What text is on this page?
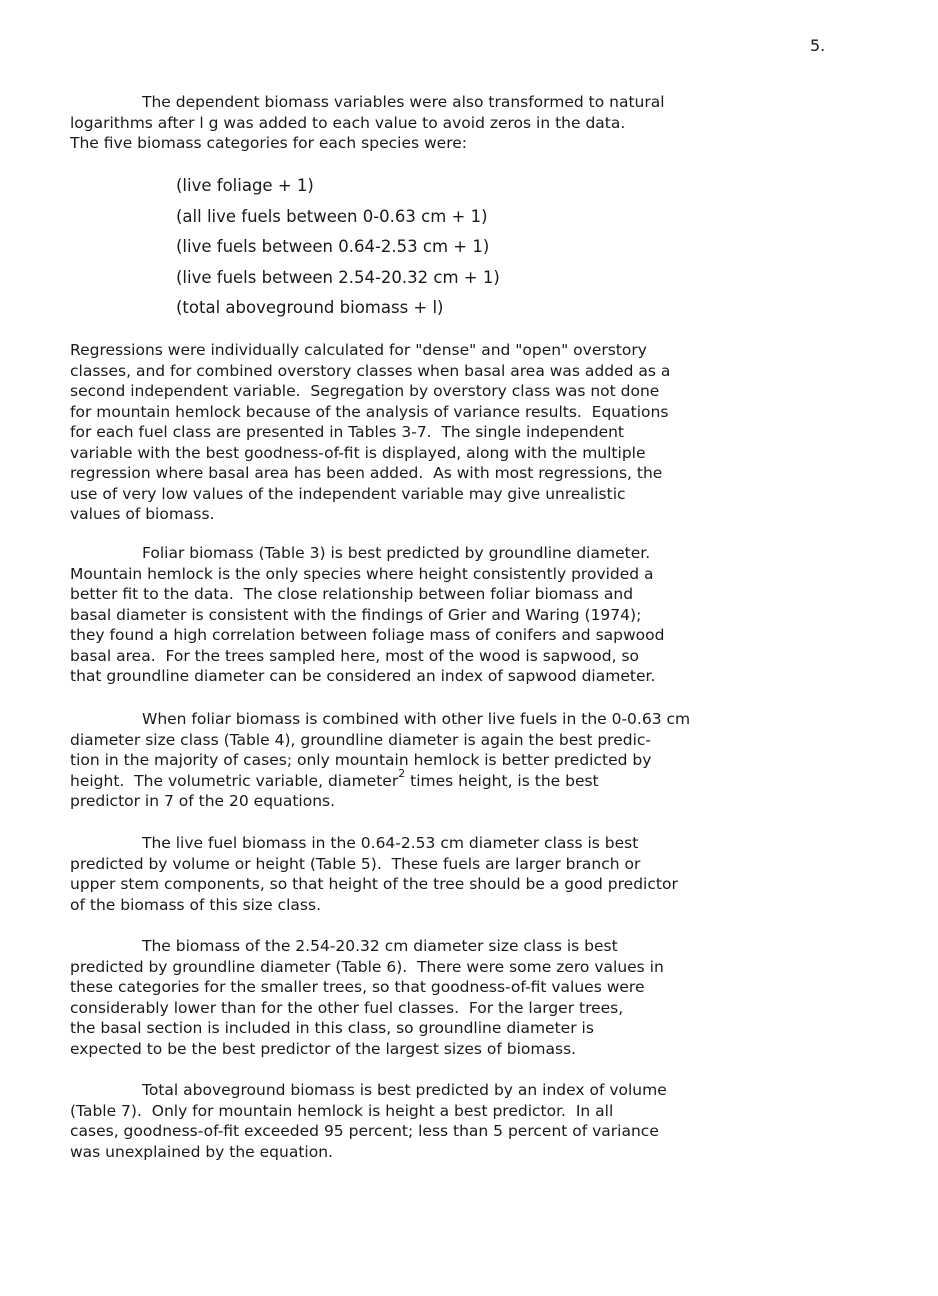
5.

The dependent biomass variables were also transformed to natural
logarithms after l g was added to each value to avoid zeros in the data.
The five biomass categories for each species were:

(live foliage + 1)
(all live fuels between 0-0.63 cm + 1)
(live fuels between 0.64-2.53 cm + 1)
(live fuels between 2.54-20.32 cm + 1)
(total aboveground biomass + l)

Regressions were individually calculated for "dense" and "open" overstory
classes, and for combined overstory classes when basal area was added as a
second independent variable.  Segregation by overstory class was not done
for mountain hemlock because of the analysis of variance results.  Equations
for each fuel class are presented in Tables 3-7.  The single independent
variable with the best goodness-of-fit is displayed, along with the multiple
regression where basal area has been added.  As with most regressions, the
use of very low values of the independent variable may give unrealistic
values of biomass.

Foliar biomass (Table 3) is best predicted by groundline diameter.
Mountain hemlock is the only species where height consistently provided a
better fit to the data.  The close relationship between foliar biomass and
basal diameter is consistent with the findings of Grier and Waring (1974);
they found a high correlation between foliage mass of conifers and sapwood
basal area.  For the trees sampled here, most of the wood is sapwood, so
that groundline diameter can be considered an index of sapwood diameter.

When foliar biomass is combined with other live fuels in the 0-0.63 cm
diameter size class (Table 4), groundline diameter is again the best predic-
tion in the majority of cases; only mountain hemlock is better predicted by
height.  The volumetric variable, diameter$^2$ times height, is the best
predictor in 7 of the 20 equations.

The live fuel biomass in the 0.64-2.53 cm diameter class is best
predicted by volume or height (Table 5).  These fuels are larger branch or
upper stem components, so that height of the tree should be a good predictor
of the biomass of this size class.

The biomass of the 2.54-20.32 cm diameter size class is best
predicted by groundline diameter (Table 6).  There were some zero values in
these categories for the smaller trees, so that goodness-of-fit values were
considerably lower than for the other fuel classes.  For the larger trees,
the basal section is included in this class, so groundline diameter is
expected to be the best predictor of the largest sizes of biomass.

Total aboveground biomass is best predicted by an index of volume
(Table 7).  Only for mountain hemlock is height a best predictor.  In all
cases, goodness-of-fit exceeded 95 percent; less than 5 percent of variance
was unexplained by the equation.
